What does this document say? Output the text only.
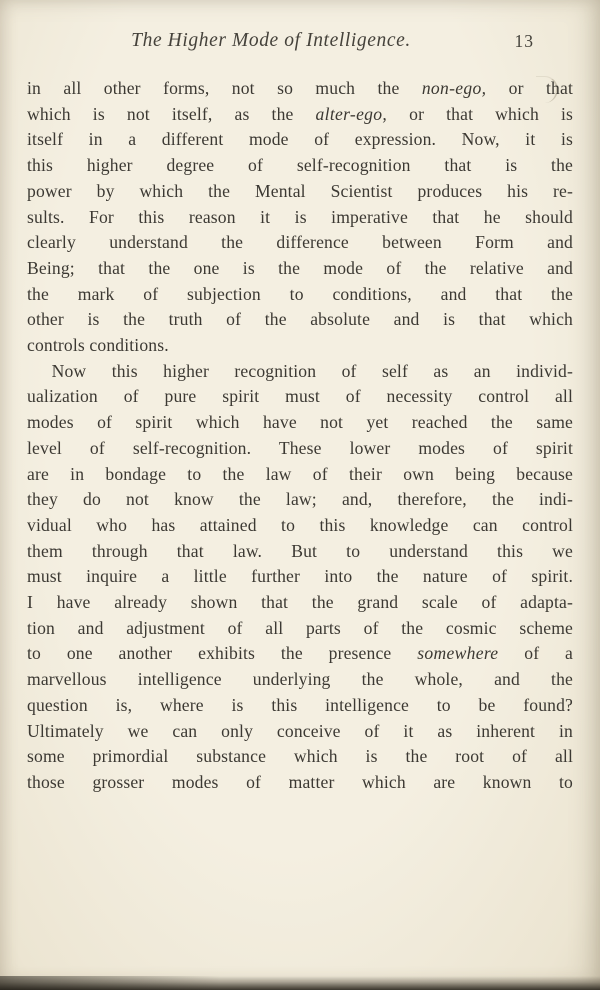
The Higher Mode of Intelligence.	13
in all other forms, not so much the non-ego, or that
which is not itself, as the alter-ego, or that which is
itself in a different mode of expression. Now, it is
this higher degree of self-recognition that is the
power by which the Mental Scientist produces his re-
sults. For this reason it is imperative that he should
clearly understand the difference between Form and
Being; that the one is the mode of the relative and
the mark of subjection to conditions, and that the
other is the truth of the absolute and is that which
controls conditions.
Now this higher recognition of self as an individ-
ualization of pure spirit must of necessity control all
modes of spirit which have not yet reached the same
level of self-recognition. These lower modes of spirit
are in bondage to the law of their own being because
they do not know the law; and, therefore, the indi-
vidual who has attained to this knowledge can control
them through that law. But to understand this we
must inquire a little further into the nature of spirit.
I have already shown that the grand scale of adapta-
tion and adjustment of all parts of the cosmic scheme
to one another exhibits the presence somewhere of a
marvellous intelligence underlying the whole, and the
question is, where is this intelligence to be found?
Ultimately we can only conceive of it as inherent in
some primordial substance which is the root of all
those grosser modes of matter which are known to
